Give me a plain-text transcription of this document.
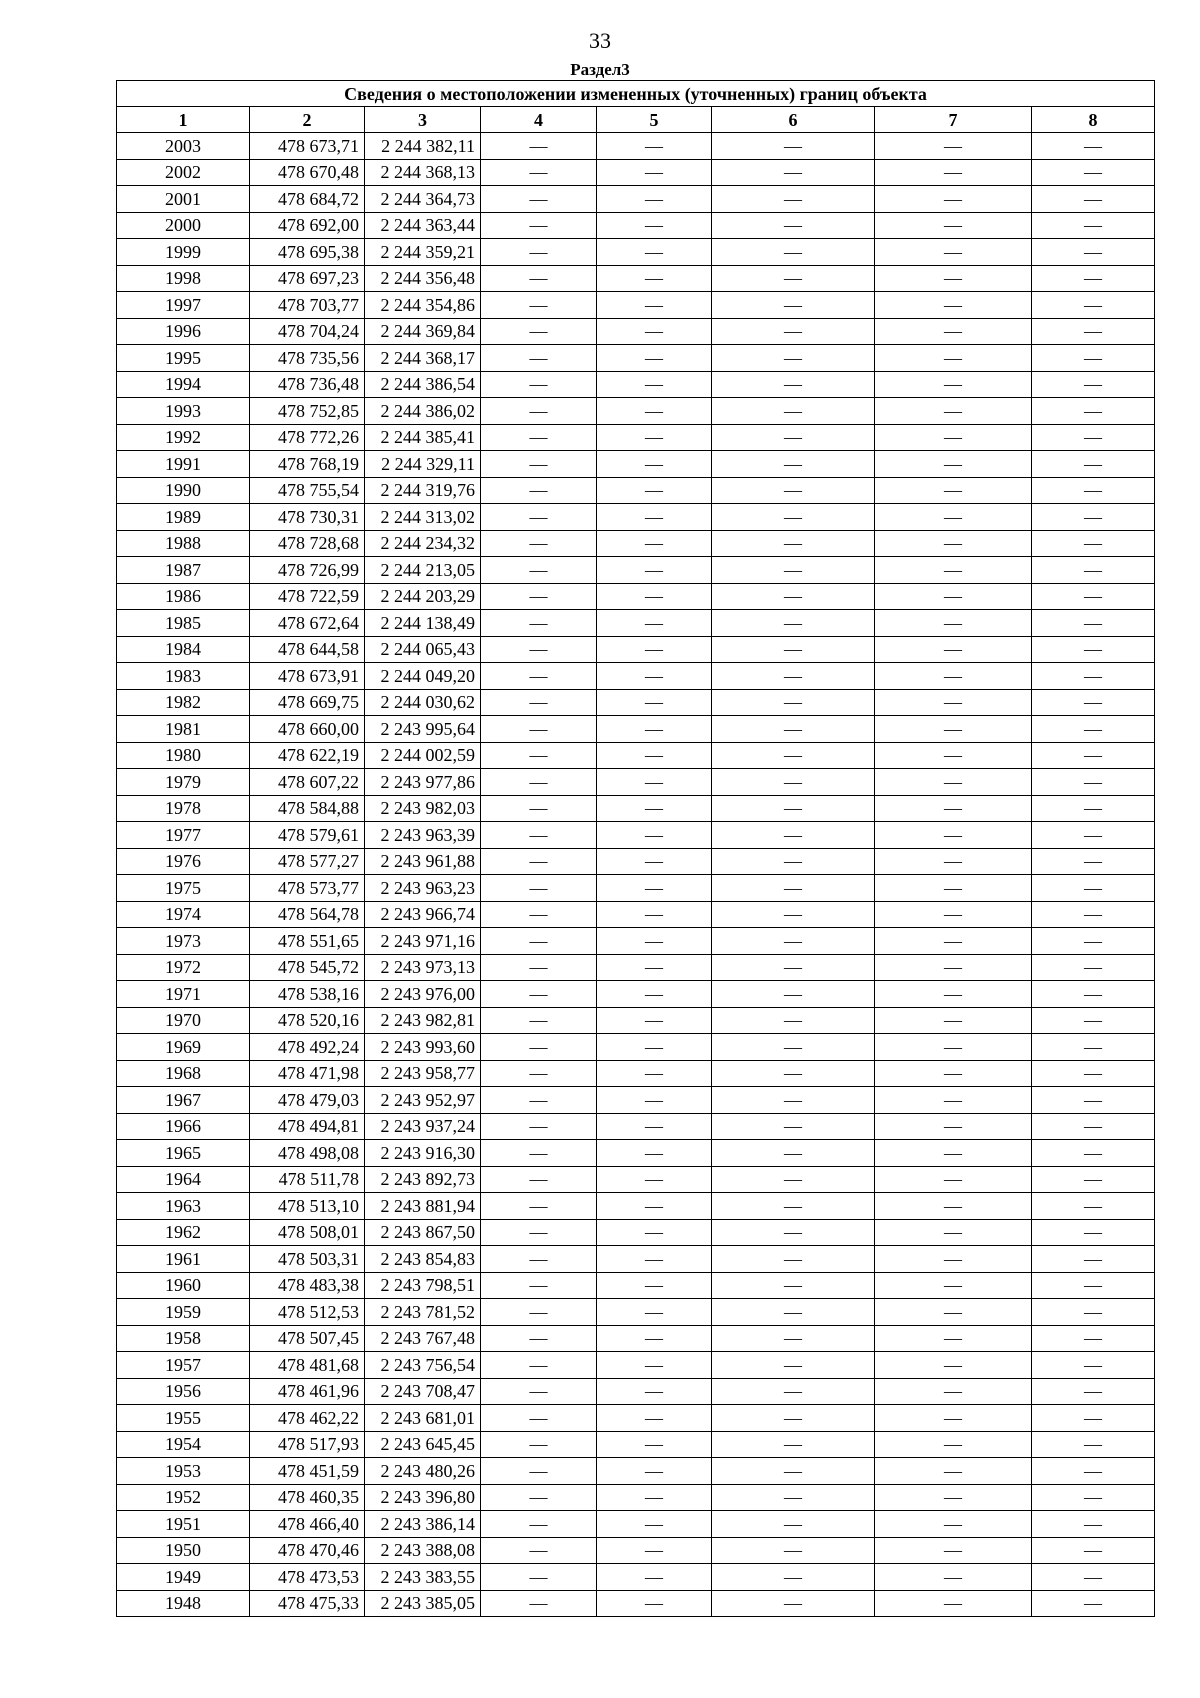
33
Раздел3
Сведения о местоположении измененных (уточненных) границ объекта							
1	2	3	4	5	6	7	8
2003	478 673,71	2 244 382,11	—	—	—	—	—
2002	478 670,48	2 244 368,13	—	—	—	—	—
2001	478 684,72	2 244 364,73	—	—	—	—	—
2000	478 692,00	2 244 363,44	—	—	—	—	—
1999	478 695,38	2 244 359,21	—	—	—	—	—
1998	478 697,23	2 244 356,48	—	—	—	—	—
1997	478 703,77	2 244 354,86	—	—	—	—	—
1996	478 704,24	2 244 369,84	—	—	—	—	—
1995	478 735,56	2 244 368,17	—	—	—	—	—
1994	478 736,48	2 244 386,54	—	—	—	—	—
1993	478 752,85	2 244 386,02	—	—	—	—	—
1992	478 772,26	2 244 385,41	—	—	—	—	—
1991	478 768,19	2 244 329,11	—	—	—	—	—
1990	478 755,54	2 244 319,76	—	—	—	—	—
1989	478 730,31	2 244 313,02	—	—	—	—	—
1988	478 728,68	2 244 234,32	—	—	—	—	—
1987	478 726,99	2 244 213,05	—	—	—	—	—
1986	478 722,59	2 244 203,29	—	—	—	—	—
1985	478 672,64	2 244 138,49	—	—	—	—	—
1984	478 644,58	2 244 065,43	—	—	—	—	—
1983	478 673,91	2 244 049,20	—	—	—	—	—
1982	478 669,75	2 244 030,62	—	—	—	—	—
1981	478 660,00	2 243 995,64	—	—	—	—	—
1980	478 622,19	2 244 002,59	—	—	—	—	—
1979	478 607,22	2 243 977,86	—	—	—	—	—
1978	478 584,88	2 243 982,03	—	—	—	—	—
1977	478 579,61	2 243 963,39	—	—	—	—	—
1976	478 577,27	2 243 961,88	—	—	—	—	—
1975	478 573,77	2 243 963,23	—	—	—	—	—
1974	478 564,78	2 243 966,74	—	—	—	—	—
1973	478 551,65	2 243 971,16	—	—	—	—	—
1972	478 545,72	2 243 973,13	—	—	—	—	—
1971	478 538,16	2 243 976,00	—	—	—	—	—
1970	478 520,16	2 243 982,81	—	—	—	—	—
1969	478 492,24	2 243 993,60	—	—	—	—	—
1968	478 471,98	2 243 958,77	—	—	—	—	—
1967	478 479,03	2 243 952,97	—	—	—	—	—
1966	478 494,81	2 243 937,24	—	—	—	—	—
1965	478 498,08	2 243 916,30	—	—	—	—	—
1964	478 511,78	2 243 892,73	—	—	—	—	—
1963	478 513,10	2 243 881,94	—	—	—	—	—
1962	478 508,01	2 243 867,50	—	—	—	—	—
1961	478 503,31	2 243 854,83	—	—	—	—	—
1960	478 483,38	2 243 798,51	—	—	—	—	—
1959	478 512,53	2 243 781,52	—	—	—	—	—
1958	478 507,45	2 243 767,48	—	—	—	—	—
1957	478 481,68	2 243 756,54	—	—	—	—	—
1956	478 461,96	2 243 708,47	—	—	—	—	—
1955	478 462,22	2 243 681,01	—	—	—	—	—
1954	478 517,93	2 243 645,45	—	—	—	—	—
1953	478 451,59	2 243 480,26	—	—	—	—	—
1952	478 460,35	2 243 396,80	—	—	—	—	—
1951	478 466,40	2 243 386,14	—	—	—	—	—
1950	478 470,46	2 243 388,08	—	—	—	—	—
1949	478 473,53	2 243 383,55	—	—	—	—	—
1948	478 475,33	2 243 385,05	—	—	—	—	—
